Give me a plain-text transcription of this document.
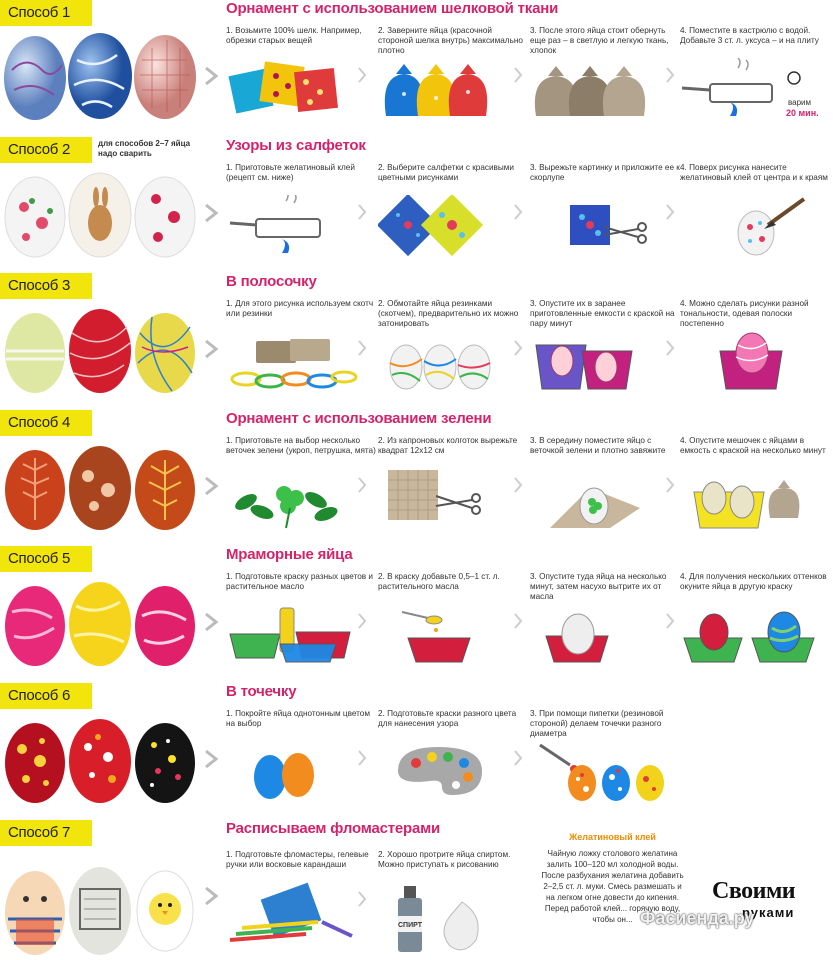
Способ 1	Орнамент с использованием шелковой ткани
1. Возьмите 100% шелк. Например, обрезки старых вещей
2. Заверните яйца (красочной стороной шелка внутрь) максимально плотно
3. После этого яйца стоит обернуть еще раз – в светлую и легкую ткань, хлопок
4. Поместите в кастрюлю с водой. Добавьте 3 ст. л. уксуса – и на плиту
варим
20 мин.
Способ 2	для способов 2–7 яйца надо сварить	Узоры из салфеток
1. Приготовьте желатиновый клей (рецепт см. ниже)
2. Выберите салфетки с красивыми цветными рисунками
3. Вырежьте картинку и приложите ее к скорлупе
4. Поверх рисунка нанесите желатиновый клей от центра и к краям
Способ 3	В полосочку
1. Для этого рисунка используем скотч или резинки
2. Обмотайте яйца резинками (скотчем), предварительно их можно затонировать
3. Опустите их в заранее приготовленные емкости с краской на пару минут
4. Можно сделать рисунки разной тональности, одевая полоски постепенно
Способ 4	Орнамент с использованием зелени
1. Приготовьте на выбор несколько веточек зелени (укроп, петрушка, мята)
2. Из капроновых колготок вырежьте квадрат 12х12 см
3. В середину поместите яйцо с веточкой зелени и плотно завяжите
4. Опустите мешочек с яйцами в емкость с краской на несколько минут
Способ 5	Мраморные яйца
1. Подготовьте краску разных цветов и растительное масло
2. В краску добавьте 0,5–1 ст. л. растительного масла
3. Опустите туда яйца на несколько минут, затем насухо вытрите их от масла
4. Для получения нескольких оттенков окуните яйца в другую краску
Способ 6	В точечку
1. Покройте яйца однотонным цветом на выбор
2. Подготовьте краски разного цвета для нанесения узора
3. При помощи пипетки (резиновой стороной) делаем точечки разного диаметра
Способ 7	Расписываем фломастерами
1. Подготовьте фломастеры, гелевые ручки или восковые карандаши
2. Хорошо протрите яйца спиртом. Можно приступать к рисованию
СПИРТ
Желатиновый клей
Чайную ложку столового желатина залить 100–120 мл холодной воды. После разбухания желатина добавить 2–2,5 ст. л. муки. Смесь размешать и на легком огне довести до кипения. Перед работой клей... горячую воду, чтобы он...
Своими
руками
Фасиенда.ру
